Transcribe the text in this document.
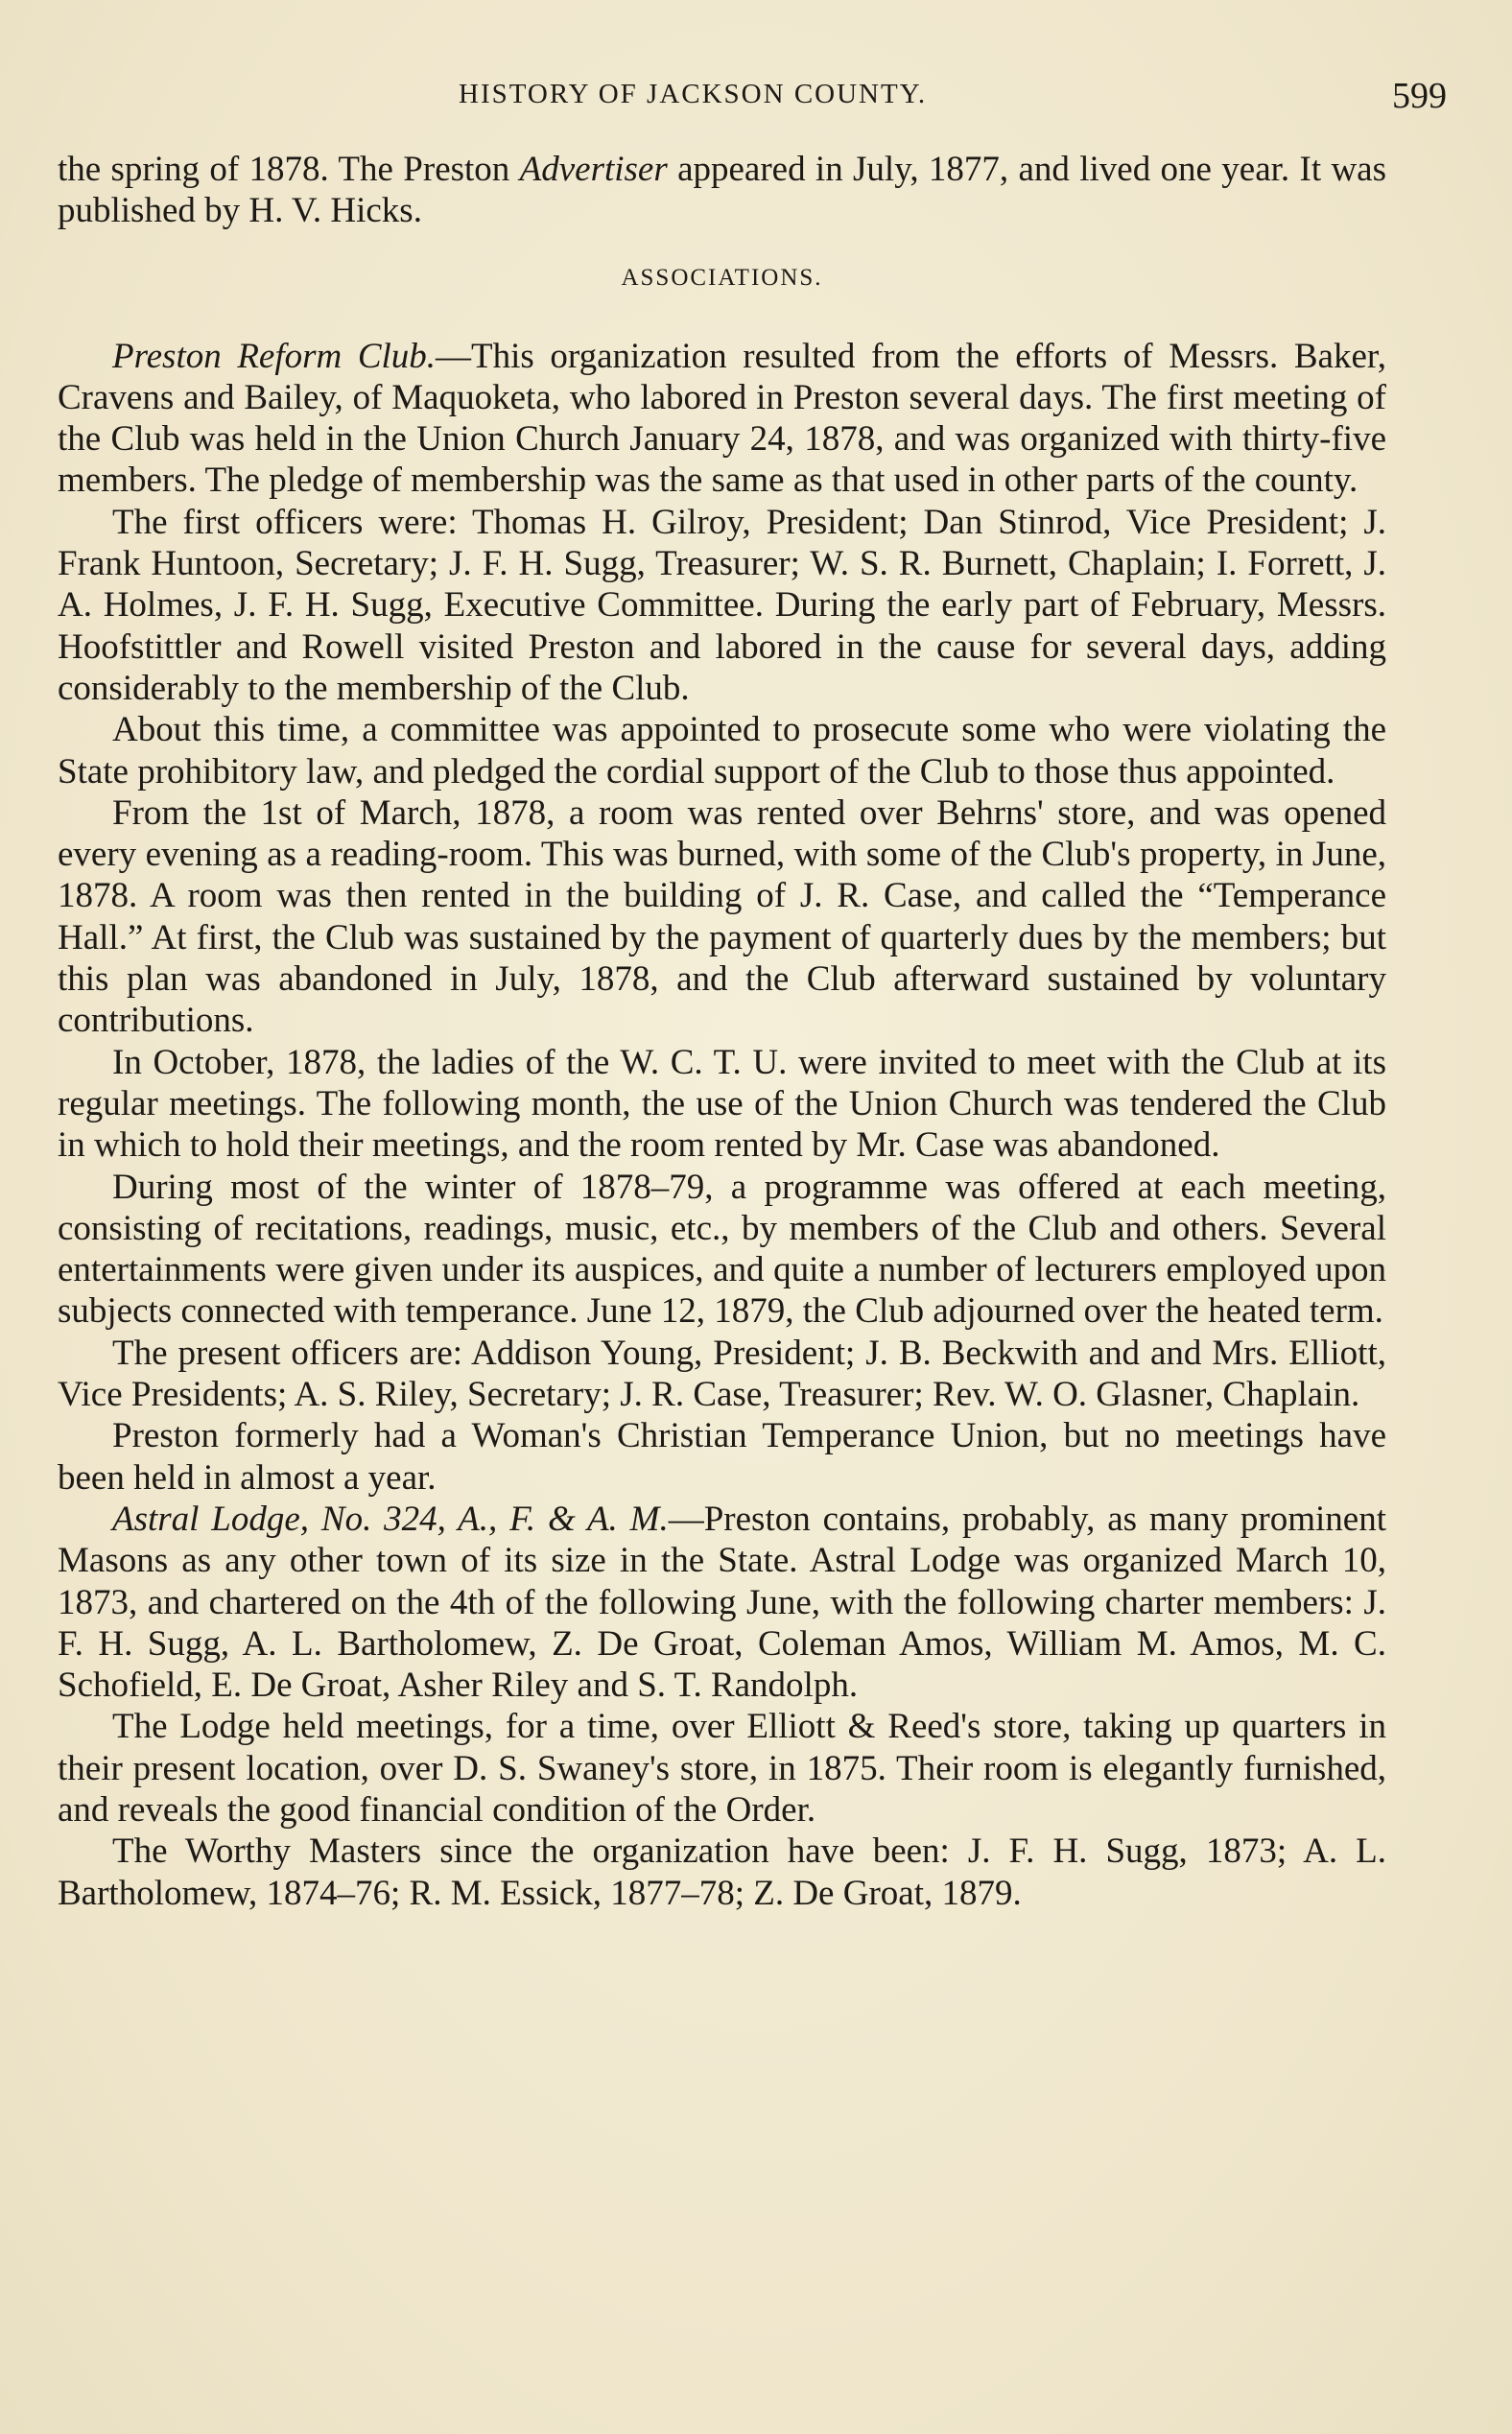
HISTORY OF JACKSON COUNTY.	599

the spring of 1878. The Preston Advertiser appeared in July, 1877, and lived one year. It was published by H. V. Hicks.

ASSOCIATIONS.

Preston Reform Club.—This organization resulted from the efforts of Messrs. Baker, Cravens and Bailey, of Maquoketa, who labored in Preston several days. The first meeting of the Club was held in the Union Church January 24, 1878, and was organized with thirty-five members. The pledge of membership was the same as that used in other parts of the county.

The first officers were: Thomas H. Gilroy, President; Dan Stinrod, Vice President; J. Frank Huntoon, Secretary; J. F. H. Sugg, Treasurer; W. S. R. Burnett, Chaplain; I. Forrett, J. A. Holmes, J. F. H. Sugg, Executive Committee. During the early part of February, Messrs. Hoofstittler and Rowell visited Preston and labored in the cause for several days, adding considerably to the membership of the Club.

About this time, a committee was appointed to prosecute some who were violating the State prohibitory law, and pledged the cordial support of the Club to those thus appointed.

From the 1st of March, 1878, a room was rented over Behrns' store, and was opened every evening as a reading-room. This was burned, with some of the Club's property, in June, 1878. A room was then rented in the building of J. R. Case, and called the “Temperance Hall.” At first, the Club was sustained by the payment of quarterly dues by the members; but this plan was abandoned in July, 1878, and the Club afterward sustained by voluntary contributions.

In October, 1878, the ladies of the W. C. T. U. were invited to meet with the Club at its regular meetings. The following month, the use of the Union Church was tendered the Club in which to hold their meetings, and the room rented by Mr. Case was abandoned.

During most of the winter of 1878–79, a programme was offered at each meeting, consisting of recitations, readings, music, etc., by members of the Club and others. Several entertainments were given under its auspices, and quite a number of lecturers employed upon subjects connected with temperance. June 12, 1879, the Club adjourned over the heated term.

The present officers are: Addison Young, President; J. B. Beckwith and and Mrs. Elliott, Vice Presidents; A. S. Riley, Secretary; J. R. Case, Treasurer; Rev. W. O. Glasner, Chaplain.

Preston formerly had a Woman's Christian Temperance Union, but no meetings have been held in almost a year.

Astral Lodge, No. 324, A., F. & A. M.—Preston contains, probably, as many prominent Masons as any other town of its size in the State. Astral Lodge was organized March 10, 1873, and chartered on the 4th of the following June, with the following charter members: J. F. H. Sugg, A. L. Bartholomew, Z. De Groat, Coleman Amos, William M. Amos, M. C. Schofield, E. De Groat, Asher Riley and S. T. Randolph.

The Lodge held meetings, for a time, over Elliott & Reed's store, taking up quarters in their present location, over D. S. Swaney's store, in 1875. Their room is elegantly furnished, and reveals the good financial condition of the Order.

The Worthy Masters since the organization have been: J. F. H. Sugg, 1873; A. L. Bartholomew, 1874–76; R. M. Essick, 1877–78; Z. De Groat, 1879.
